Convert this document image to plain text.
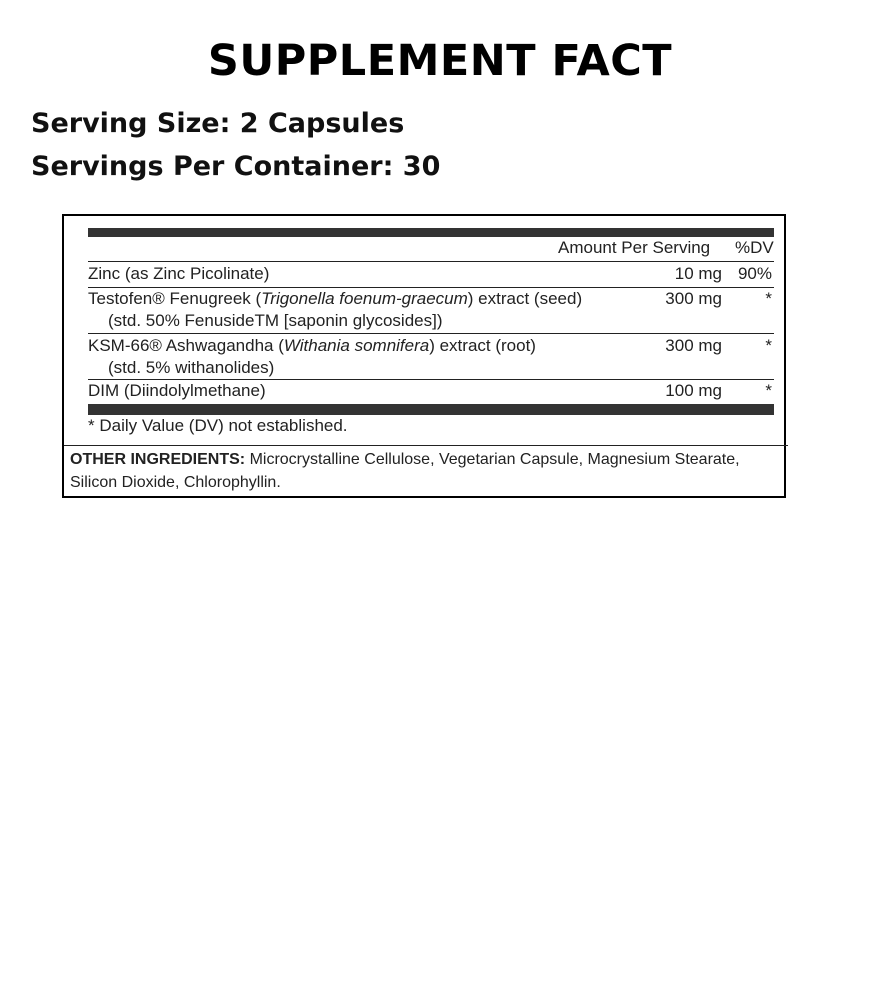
SUPPLEMENT FACT
Serving Size: 2 Capsules
Servings Per Container: 30
Amount Per Serving %DV
Zinc (as Zinc Picolinate)	10 mg 90%
Testofen® Fenugreek (Trigonella foenum-graecum) extract (seed)
(std. 50% FenusideTM [saponin glycosides])
300 mg	*
KSM-66® Ashwagandha (Withania somnifera) extract (root)
(std. 5% withanolides)
300 mg	*
DIM (Diindolylmethane)	100 mg	*
* Daily Value (DV) not established.
OTHER INGREDIENTS: Microcrystalline Cellulose, Vegetarian Capsule, Magnesium Stearate, Silicon Dioxide, Chlorophyllin.
